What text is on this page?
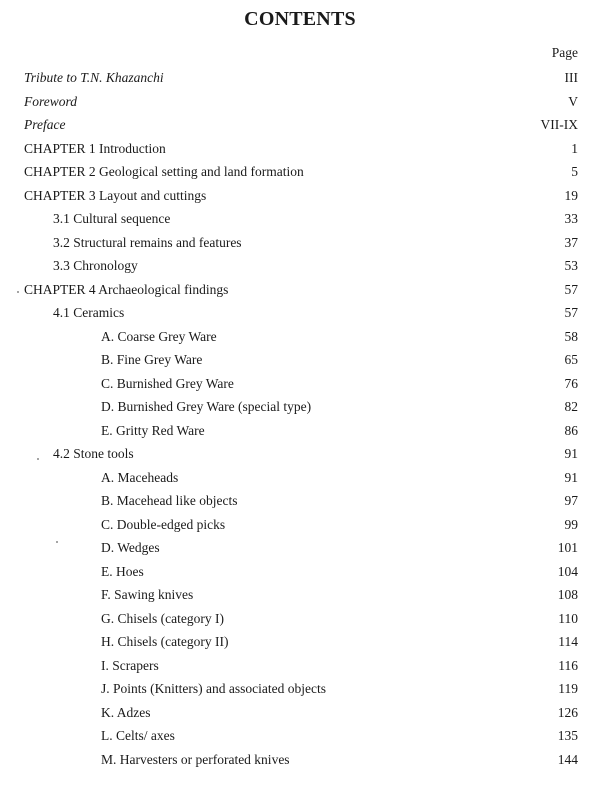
CONTENTS
Page
Tribute to T.N. Khazanchi	III
Foreword	V
Preface	VII-IX
CHAPTER 1 Introduction	1
CHAPTER 2 Geological setting and land formation	5
CHAPTER 3 Layout and cuttings	19
3.1 Cultural sequence	33
3.2 Structural remains and features	37
3.3 Chronology	53
CHAPTER 4 Archaeological findings	57
4.1 Ceramics	57
A. Coarse Grey Ware	58
B. Fine Grey Ware	65
C. Burnished Grey Ware	76
D. Burnished Grey Ware (special type)	82
E. Gritty Red Ware	86
4.2 Stone tools	91
A. Maceheads	91
B. Macehead like objects	97
C. Double-edged picks	99
D. Wedges	101
E. Hoes	104
F. Sawing knives	108
G. Chisels (category I)	110
H. Chisels (category II)	114
I. Scrapers	116
J. Points (Knitters) and associated objects	119
K. Adzes	126
L. Celts/ axes	135
M. Harvesters or perforated knives	144
